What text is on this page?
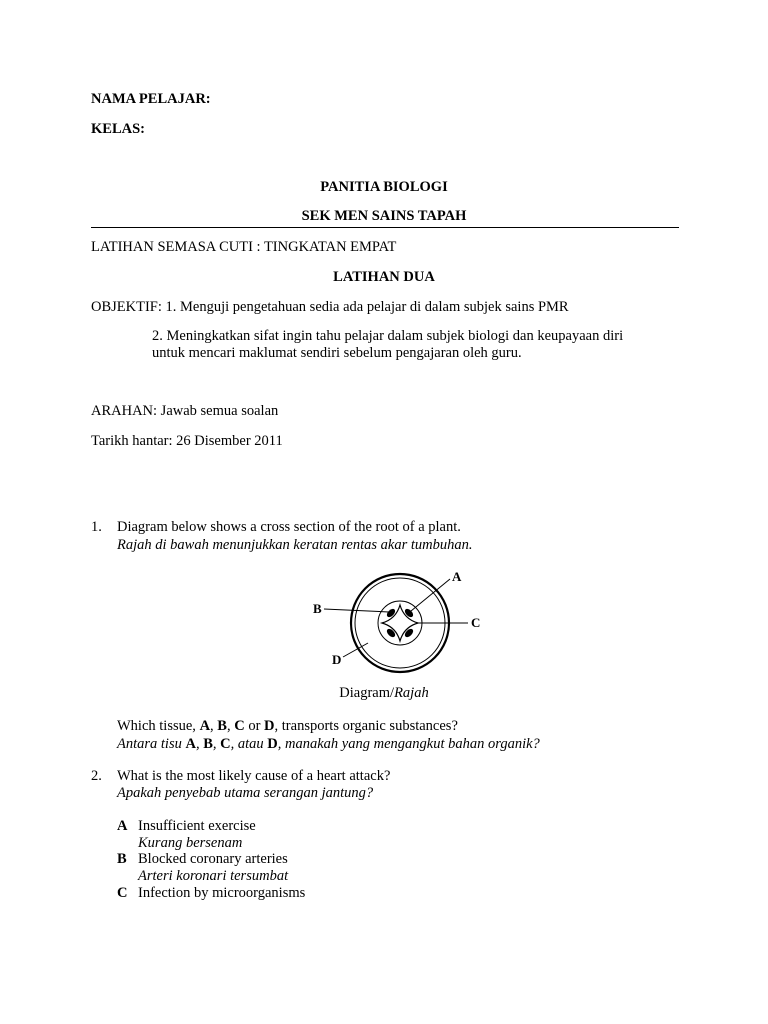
NAMA PELAJAR:
KELAS:
PANITIA BIOLOGI
SEK MEN SAINS TAPAH
LATIHAN SEMASA CUTI : TINGKATAN EMPAT
LATIHAN DUA
OBJEKTIF: 1. Menguji pengetahuan sedia ada pelajar di dalam subjek sains PMR
2. Meningkatkan sifat ingin tahu pelajar dalam subjek biologi dan keupayaan diri
untuk mencari maklumat sendiri sebelum pengajaran oleh guru.
ARAHAN: Jawab semua soalan
Tarikh hantar: 26 Disember 2011
1. Diagram below shows a cross section of the root of a plant.
Rajah di bawah menunjukkan keratan rentas akar tumbuhan.
A
B
C
D
Diagram/Rajah
Which tissue, A, B, C or D, transports organic substances?
Antara tisu A, B, C, atau D, manakah yang mengangkut bahan organik?
2. What is the most likely cause of a heart attack?
Apakah penyebab utama serangan jantung?
A Insufficient exercise
Kurang bersenam
B Blocked coronary arteries
Arteri koronari tersumbat
C Infection by microorganisms
